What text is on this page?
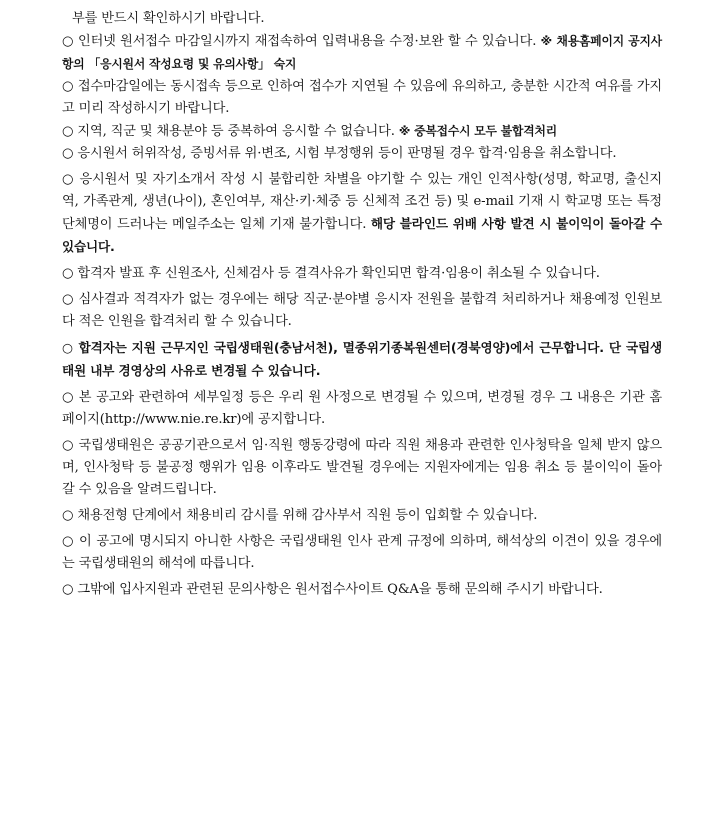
부를 반드시 확인하시기 바랍니다.
○ 인터넷 원서접수 마감일시까지 재접속하여 입력내용을 수정·보완 할 수 있습니다. ※ 채용홈페이지 공지사항의 「응시원서 작성요령 및 유의사항」 숙지
○ 접수마감일에는 동시접속 등으로 인하여 접수가 지연될 수 있음에 유의하고, 충분한 시간적 여유를 가지고 미리 작성하시기 바랍니다.
○ 지역, 직군 및 채용분야 등 중복하여 응시할 수 없습니다. ※ 중복접수시 모두 불합격처리
○ 응시원서 허위작성, 증빙서류 위·변조, 시험 부정행위 등이 판명될 경우 합격·임용을 취소합니다.
○ 응시원서 및 자기소개서 작성 시 불합리한 차별을 야기할 수 있는 개인 인적사항(성명, 학교명, 출신지역, 가족관계, 생년(나이), 혼인여부, 재산·키·체중 등 신체적 조건 등) 및 e-mail 기재 시 학교명 또는 특정 단체명이 드러나는 메일주소는 일체 기재 불가합니다. 해당 블라인드 위배 사항 발견 시 불이익이 돌아갈 수 있습니다.
○ 합격자 발표 후 신원조사, 신체검사 등 결격사유가 확인되면 합격·임용이 취소될 수 있습니다.
○ 심사결과 적격자가 없는 경우에는 해당 직군·분야별 응시자 전원을 불합격 처리하거나 채용예정 인원보다 적은 인원을 합격처리 할 수 있습니다.
○ 합격자는 지원 근무지인 국립생태원(충남서천), 멸종위기종복원센터(경북영양)에서 근무합니다. 단 국립생태원 내부 경영상의 사유로 변경될 수 있습니다.
○ 본 공고와 관련하여 세부일정 등은 우리 원 사정으로 변경될 수 있으며, 변경될 경우 그 내용은 기관 홈페이지(http://www.nie.re.kr)에 공지합니다.
○ 국립생태원은 공공기관으로서 임·직원 행동강령에 따라 직원 채용과 관련한 인사청탁을 일체 받지 않으며, 인사청탁 등 불공정 행위가 임용 이후라도 발견될 경우에는 지원자에게는 임용 취소 등 불이익이 돌아갈 수 있음을 알려드립니다.
○ 채용전형 단계에서 채용비리 감시를 위해 감사부서 직원 등이 입회할 수 있습니다.
○ 이 공고에 명시되지 아니한 사항은 국립생태원 인사 관계 규정에 의하며, 해석상의 이견이 있을 경우에는 국립생태원의 해석에 따릅니다.
○ 그밖에 입사지원과 관련된 문의사항은 원서접수사이트 Q&A을 통해 문의해 주시기 바랍니다.
